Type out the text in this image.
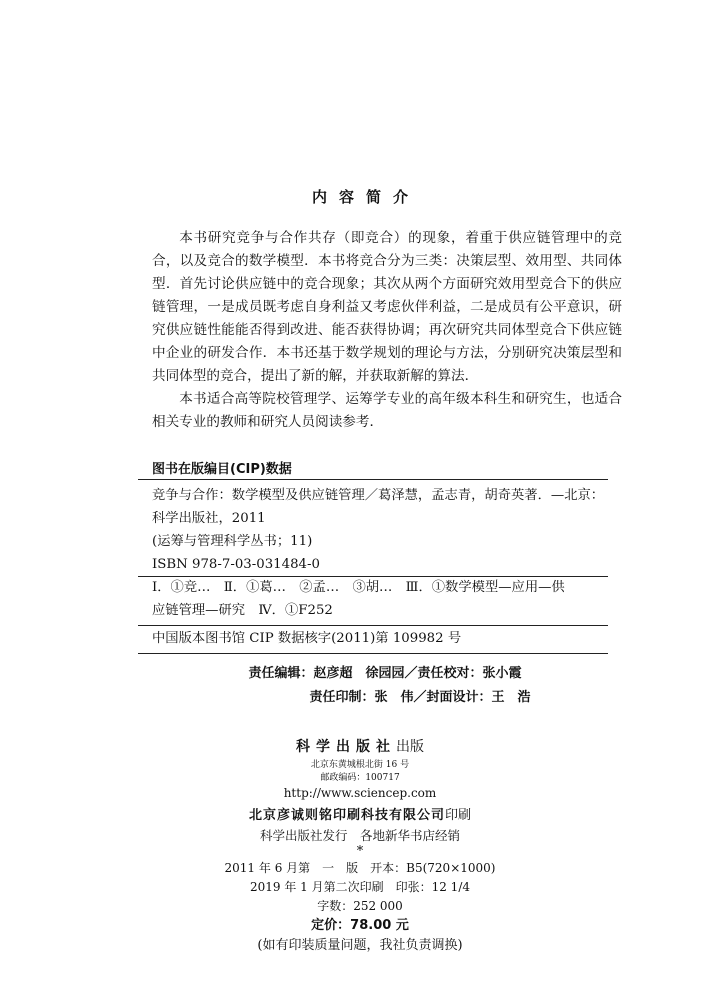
内容简介

本书研究竞争与合作共存（即竞合）的现象，着重于供应链管理中的竞合，以及竞合的数学模型．本书将竞合分为三类：决策层型、效用型、共同体型．首先讨论供应链中的竞合现象；其次从两个方面研究效用型竞合下的供应链管理，一是成员既考虑自身利益又考虑伙伴利益，二是成员有公平意识，研究供应链性能能否得到改进、能否获得协调；再次研究共同体型竞合下供应链中企业的研发合作．本书还基于数学规划的理论与方法，分别研究决策层型和共同体型的竞合，提出了新的解，并获取新解的算法．

本书适合高等院校管理学、运筹学专业的高年级本科生和研究生，也适合相关专业的教师和研究人员阅读参考．

图书在版编目(CIP)数据
竞争与合作：数学模型及供应链管理／葛泽慧，孟志青，胡奇英著．—北京：
科学出版社，2011
(运筹与管理科学丛书；11)
ISBN 978-7-03-031484-0
Ⅰ．①竞…　Ⅱ．①葛…　②孟…　③胡…　Ⅲ．①数学模型—应用—供
应链管理—研究　Ⅳ．①F252
中国版本图书馆 CIP 数据核字(2011)第 109982 号
责任编辑：赵彦超　徐园园／责任校对：张小霞
责任印制：张　伟／封面设计：王　浩
科学出版社出版
北京东黄城根北街 16 号
邮政编码：100717
http://www.sciencep.com
北京彦诚则铭印刷科技有限公司印刷
科学出版社发行　各地新华书店经销
*
2011 年 6 月第　一　版　开本：B5(720×1000)
2019 年 1 月第二次印刷　印张：12 1/4
字数：252 000
定价：78.00 元
(如有印装质量问题，我社负责调换)
